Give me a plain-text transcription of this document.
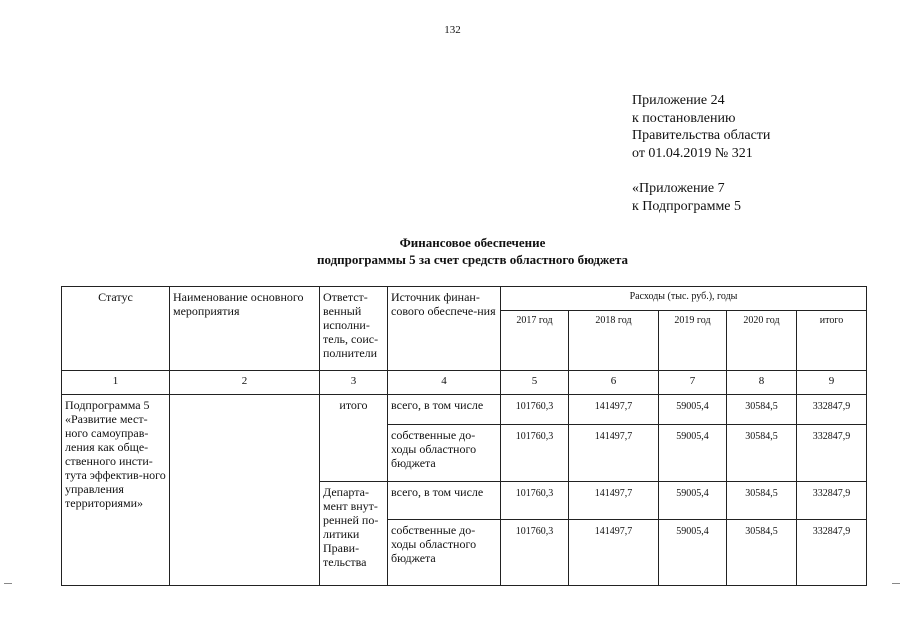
132
Приложение 24
к постановлению
Правительства области
от 01.04.2019 № 321
«Приложение 7
к Подпрограмме 5
Финансовое обеспечение
подпрограммы 5 за счет средств областного бюджета
Статус	Наименование основного мероприятия	Ответст-венный исполни-тель, соис-полнители	Источник финан-сового обеспече-ния	Расходы (тыс. руб.), годы				
				2017 год	2018 год	2019 год	2020 год	итого
1	2	3	4	5	6	7	8	9
Подпрограмма 5 «Развитие мест-ного самоуправ-ления как обще-ственного инсти-тута эффектив-ного управления территориями»		итого	всего, в том числе	101760,3	141497,7	59005,4	30584,5	332847,9
			собственные до-ходы областного бюджета	101760,3	141497,7	59005,4	30584,5	332847,9
		Департа-мент внут-ренней по-литики Прави-тельства	всего, в том числе	101760,3	141497,7	59005,4	30584,5	332847,9
			собственные до-ходы областного бюджета	101760,3	141497,7	59005,4	30584,5	332847,9
